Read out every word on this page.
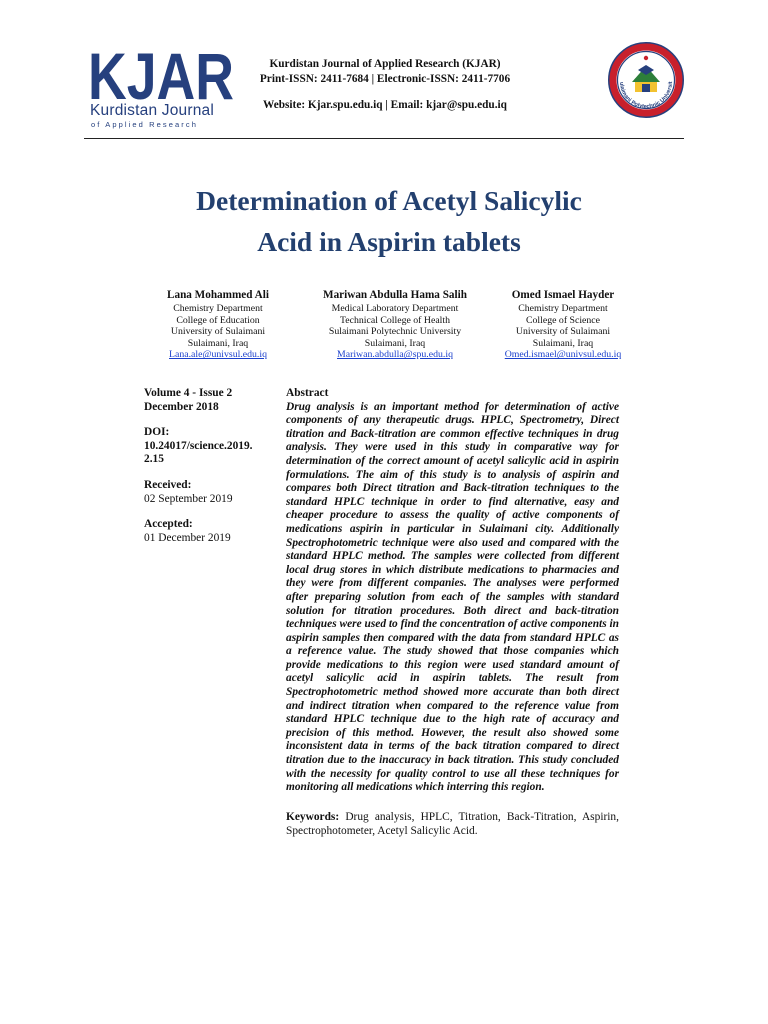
KJAR
Kurdistan Journal
of Applied Research
Kurdistan Journal of Applied Research (KJAR)
Print-ISSN: 2411-7684 | Electronic-ISSN: 2411-7706
Website: Kjar.spu.edu.iq | Email: kjar@spu.edu.iq
ulaimani Polytechnic Universit
Determination of Acetyl Salicylic
Acid in Aspirin tablets
Lana Mohammed Ali
Chemistry Department
College of Education
University of Sulaimani
Sulaimani, Iraq
Lana.ale@univsul.edu.iq
Mariwan Abdulla Hama Salih
Medical Laboratory Department
Technical College of Health
Sulaimani Polytechnic University
Sulaimani, Iraq
Mariwan.abdulla@spu.edu.iq
Omed Ismael Hayder
Chemistry Department
College of Science
University of Sulaimani
Sulaimani, Iraq
Omed.ismael@univsul.edu.iq
Volume 4 - Issue 2
December 2018
DOI:
10.24017/science.2019.
2.15
Received:
02 September 2019
Accepted:
01 December 2019
Abstract

Drug analysis is an important method for determination of active components of any therapeutic drugs. HPLC, Spectrometry, Direct titration and Back-titration are common effective techniques in drug analysis. They were used in this study in comparative way for determination of the correct amount of acetyl salicylic acid in aspirin formulations. The aim of this study is to analysis of aspirin and compares both Direct titration and Back-titration techniques to the standard HPLC technique in order to find alternative, easy and cheaper procedure to assess the quality of active components of medications aspirin in particular in Sulaimani city. Additionally Spectrophotometric technique were also used and compared with the standard HPLC method. The samples were collected from different local drug stores in which distribute medications to pharmacies and they were from different companies. The analyses were performed after preparing solution from each of the samples with standard solution for titration procedures. Both direct and back-titration techniques were used to find the concentration of active components in aspirin samples then compared with the data from standard HPLC as a reference value. The study showed that those companies which provide medications to this region were used standard amount of acetyl salicylic acid in aspirin tablets. The result from Spectrophotometric method showed more accurate than both direct and indirect titration when compared to the reference value from standard HPLC technique due to the high rate of accuracy and precision of this method. However, the result also showed some inconsistent data in terms of the back titration compared to direct titration due to the inaccuracy in back titration. This study concluded with the necessity for quality control to use all these techniques for monitoring all medications which interring this region.

Keywords: Drug analysis, HPLC, Titration, Back-Titration, Aspirin, Spectrophotometer, Acetyl Salicylic Acid.
